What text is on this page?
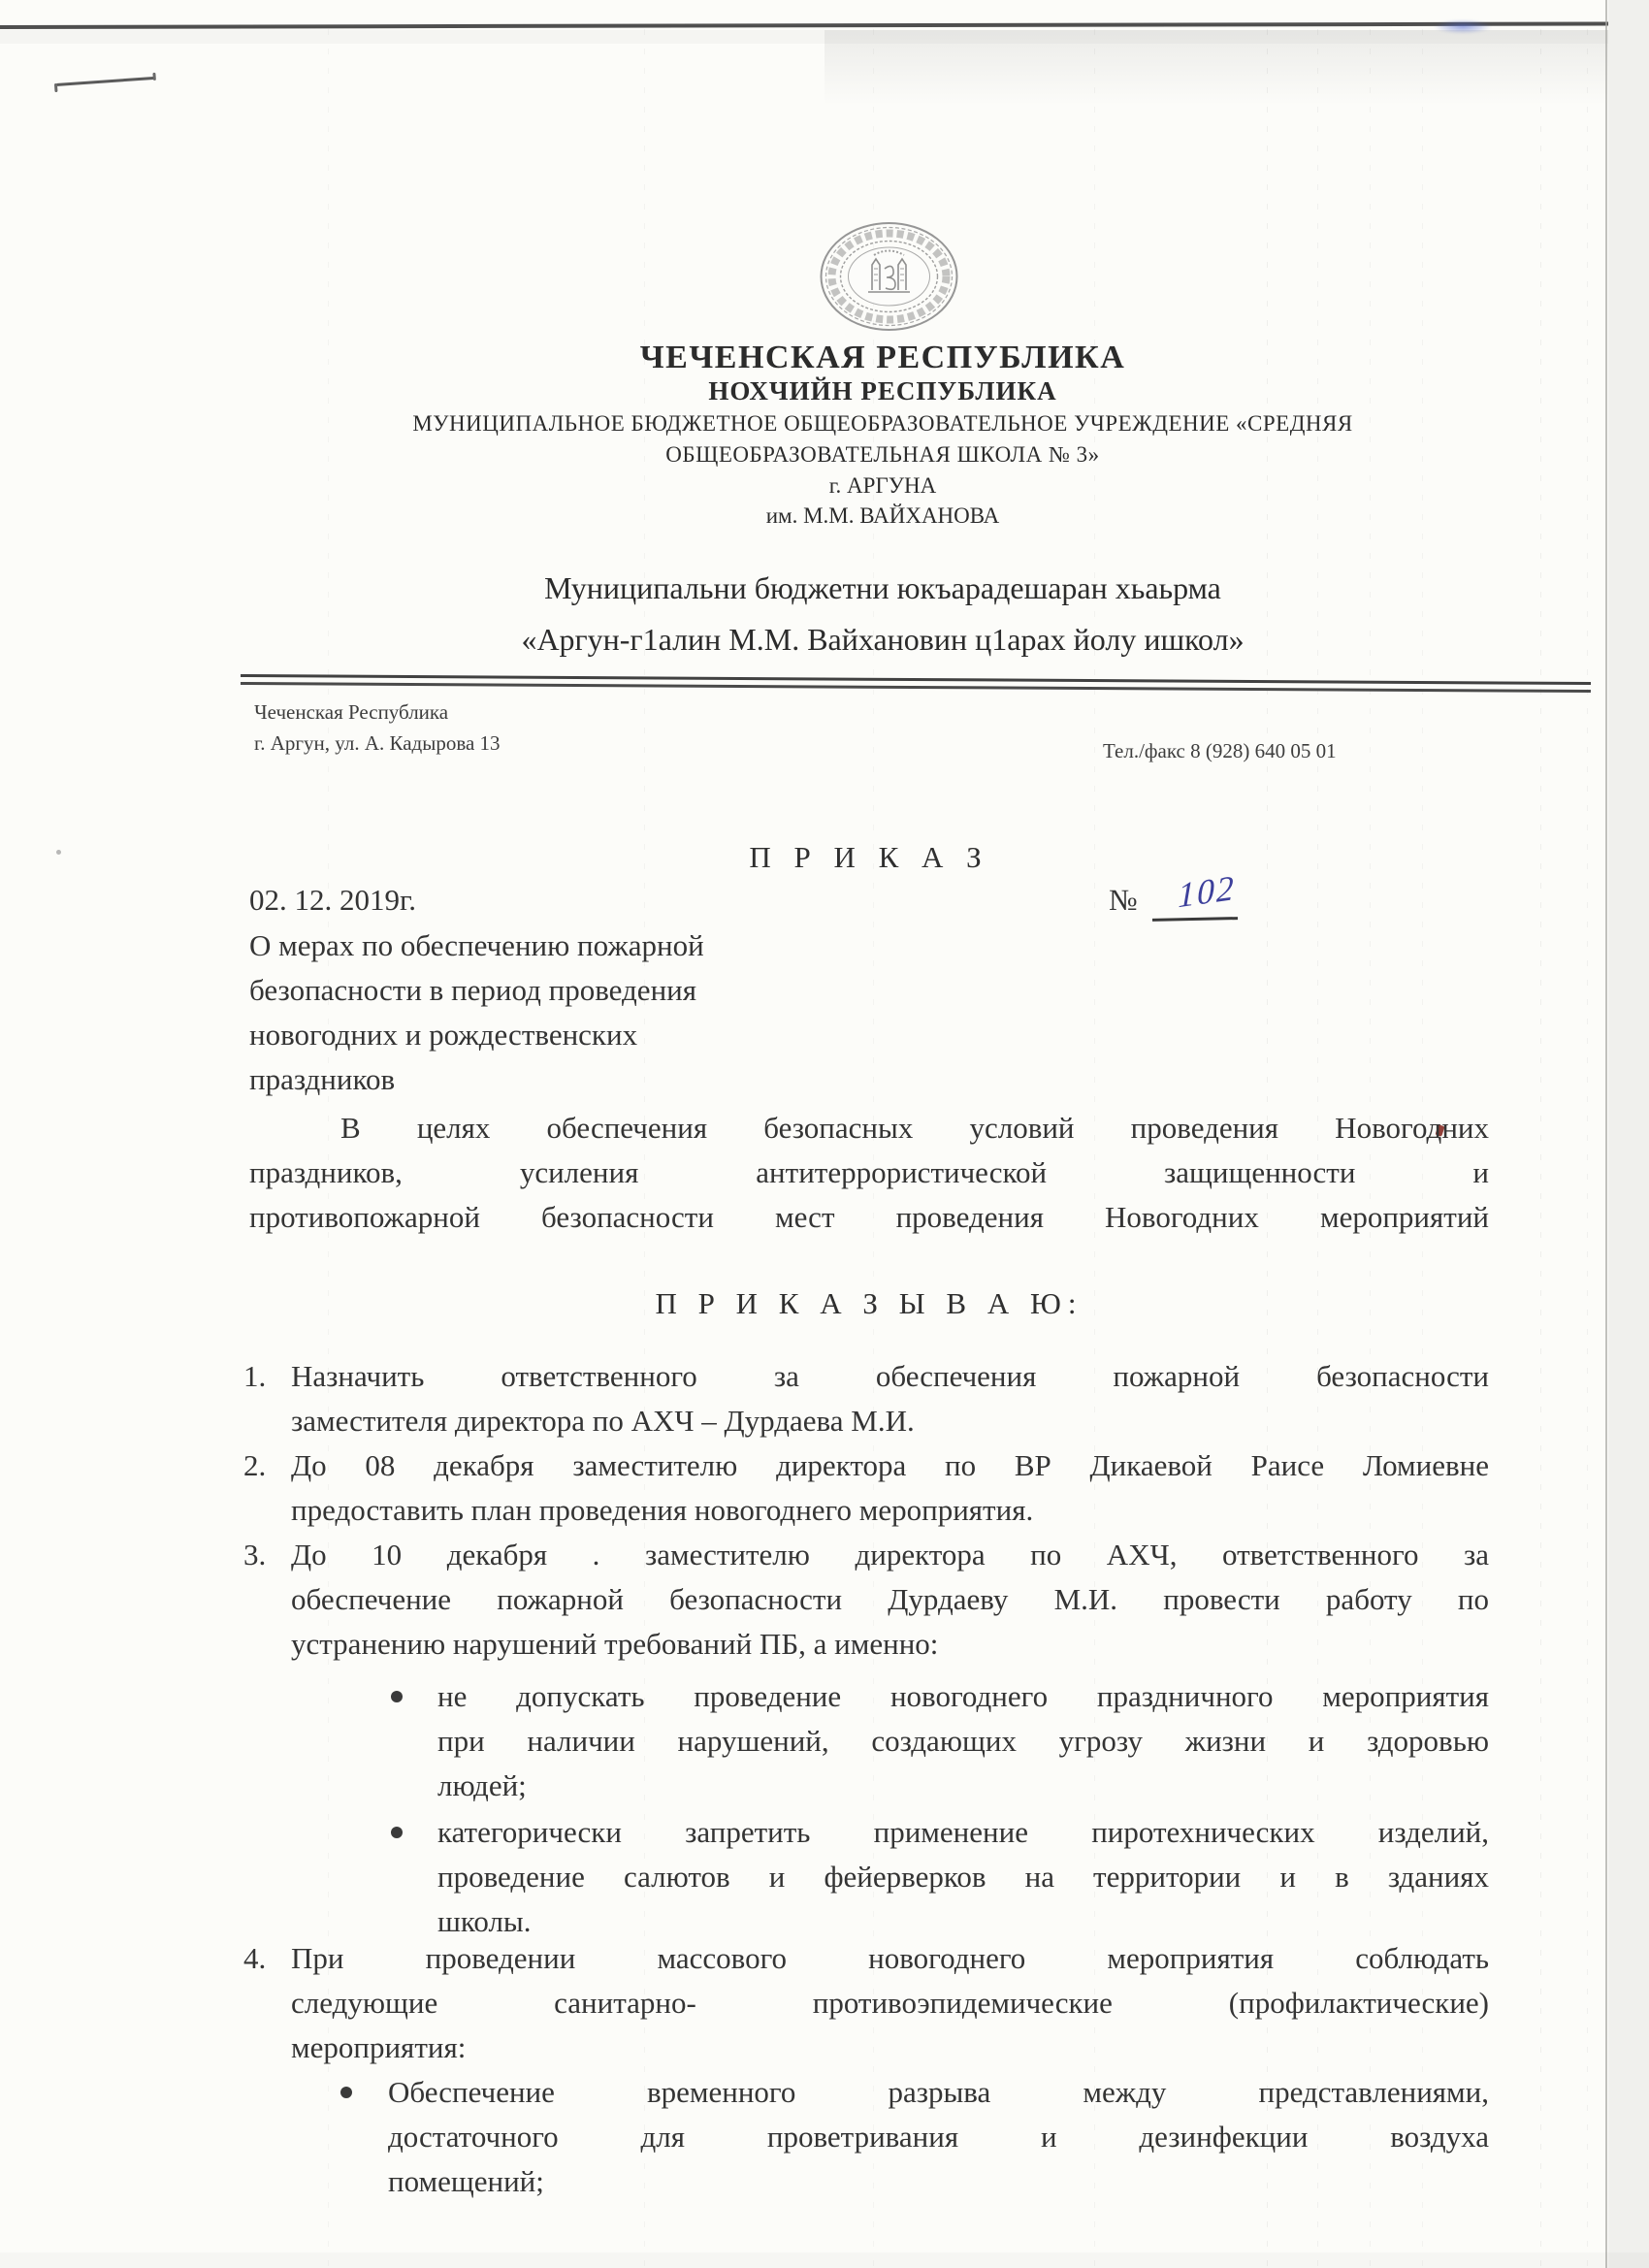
ЧЕЧЕНСКАЯ РЕСПУБЛИКА
НОХЧИЙН РЕСПУБЛИКА
МУНИЦИПАЛЬНОЕ БЮДЖЕТНОЕ ОБЩЕОБРАЗОВАТЕЛЬНОЕ УЧРЕЖДЕНИЕ «СРЕДНЯЯ
ОБЩЕОБРАЗОВАТЕЛЬНАЯ ШКОЛА № 3»
г. АРГУНА
им. М.М. ВАЙХАНОВА
Муниципальни бюджетни юкъарадешаран хьаьрма
«Аргун-г1алин М.М. Вайхановин ц1арах йолу ишкол»
Чеченская Республика
г. Аргун, ул. А. Кадырова 13	Тел./факс 8 (928) 640 05 01
П Р И К А З
02. 12. 2019г.	№ 102
О мерах по обеспечению пожарной
безопасности в период проведения
новогодних и рождественских
праздников
В целях обеспечения безопасных условий проведения Новогодних
праздников, усиления антитеррористической защищенности и
противопожарной безопасности мест проведения Новогодних мероприятий
П Р И К А З Ы В А Ю:
1. Назначить ответственного за обеспечения пожарной безопасности
заместителя директора по АХЧ – Дурдаева М.И.
2. До 08 декабря заместителю директора по ВР Дикаевой Раисе Ломиевне
предоставить план проведения новогоднего мероприятия.
3. До 10 декабря . заместителю директора по АХЧ, ответственного за
обеспечение пожарной безопасности Дурдаеву М.И. провести работу по
устранению нарушений требований ПБ, а именно:
не допускать проведение новогоднего праздничного мероприятия
при наличии нарушений, создающих угрозу жизни и здоровью
людей;
категорически запретить применение пиротехнических изделий,
проведение салютов и фейерверков на территории и в зданиях
школы.
4. При проведении массового новогоднего мероприятия соблюдать
следующие санитарно- противоэпидемические (профилактические)
мероприятия:
Обеспечение временного разрыва между представлениями,
достаточного для проветривания и дезинфекции воздуха
помещений;
